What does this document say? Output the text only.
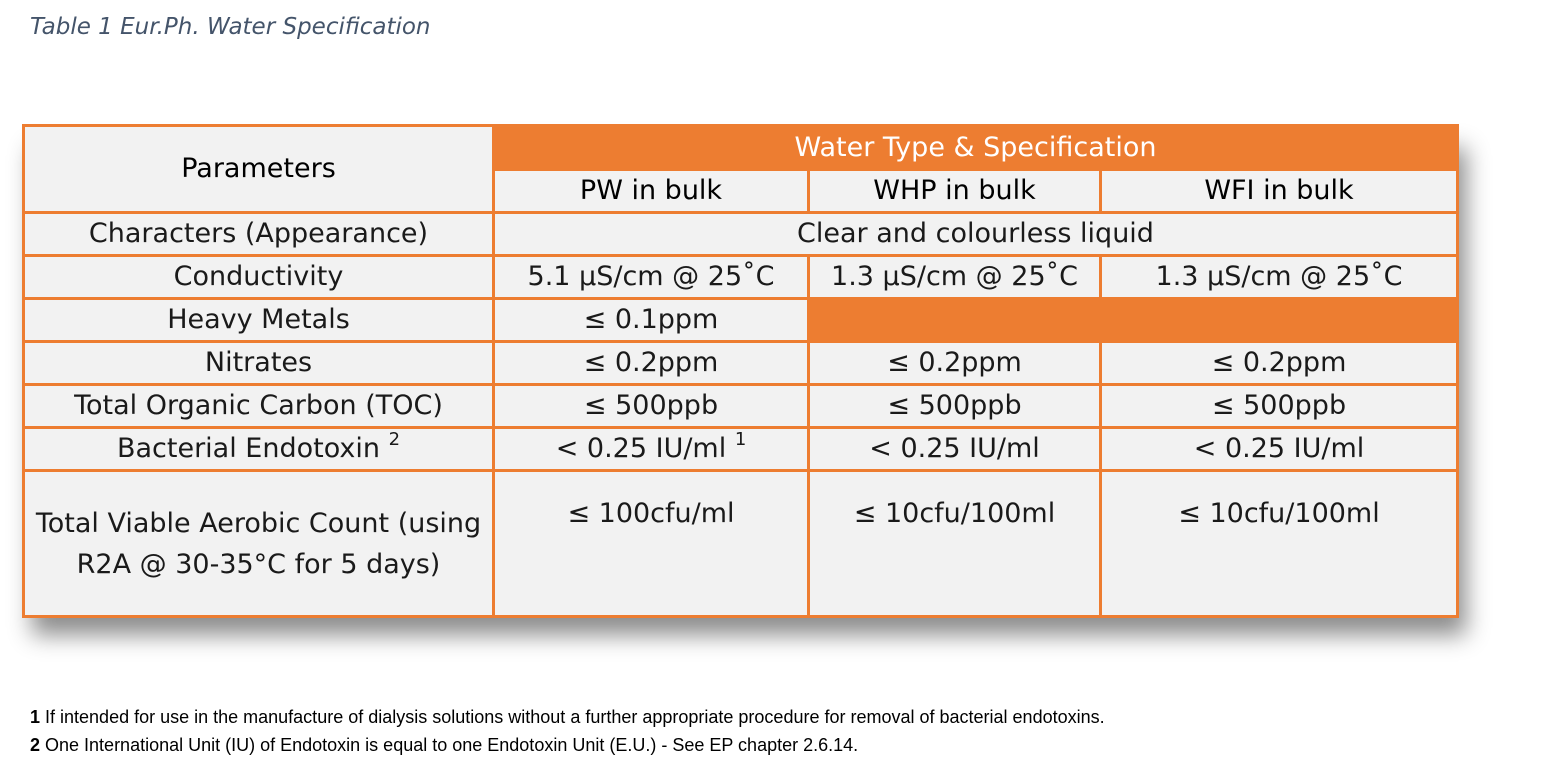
Table 1 Eur.Ph. Water Specification
Parameters	Water Type & Specification		
	PW in bulk	WHP in bulk	WFI in bulk
Characters (Appearance)	Clear and colourless liquid		
Conductivity	5.1 µS/cm @ 25˚C	1.3 µS/cm @ 25˚C	1.3 µS/cm @ 25˚C
Heavy Metals	≤ 0.1ppm		
Nitrates	≤ 0.2ppm	≤ 0.2ppm	≤ 0.2ppm
Total Organic Carbon (TOC)	≤ 500ppb	≤ 500ppb	≤ 500ppb
Bacterial Endotoxin $^2$	< 0.25 IU/ml $^1$	< 0.25 IU/ml	< 0.25 IU/ml
Total Viable Aerobic Count (using R2A @ 30-35°C for 5 days)	≤ 100cfu/ml	≤ 10cfu/100ml	≤ 10cfu/100ml
1 If intended for use in the manufacture of dialysis solutions without a further appropriate procedure for removal of bacterial endotoxins.
2 One International Unit (IU) of Endotoxin is equal to one Endotoxin Unit (E.U.) - See EP chapter 2.6.14.
